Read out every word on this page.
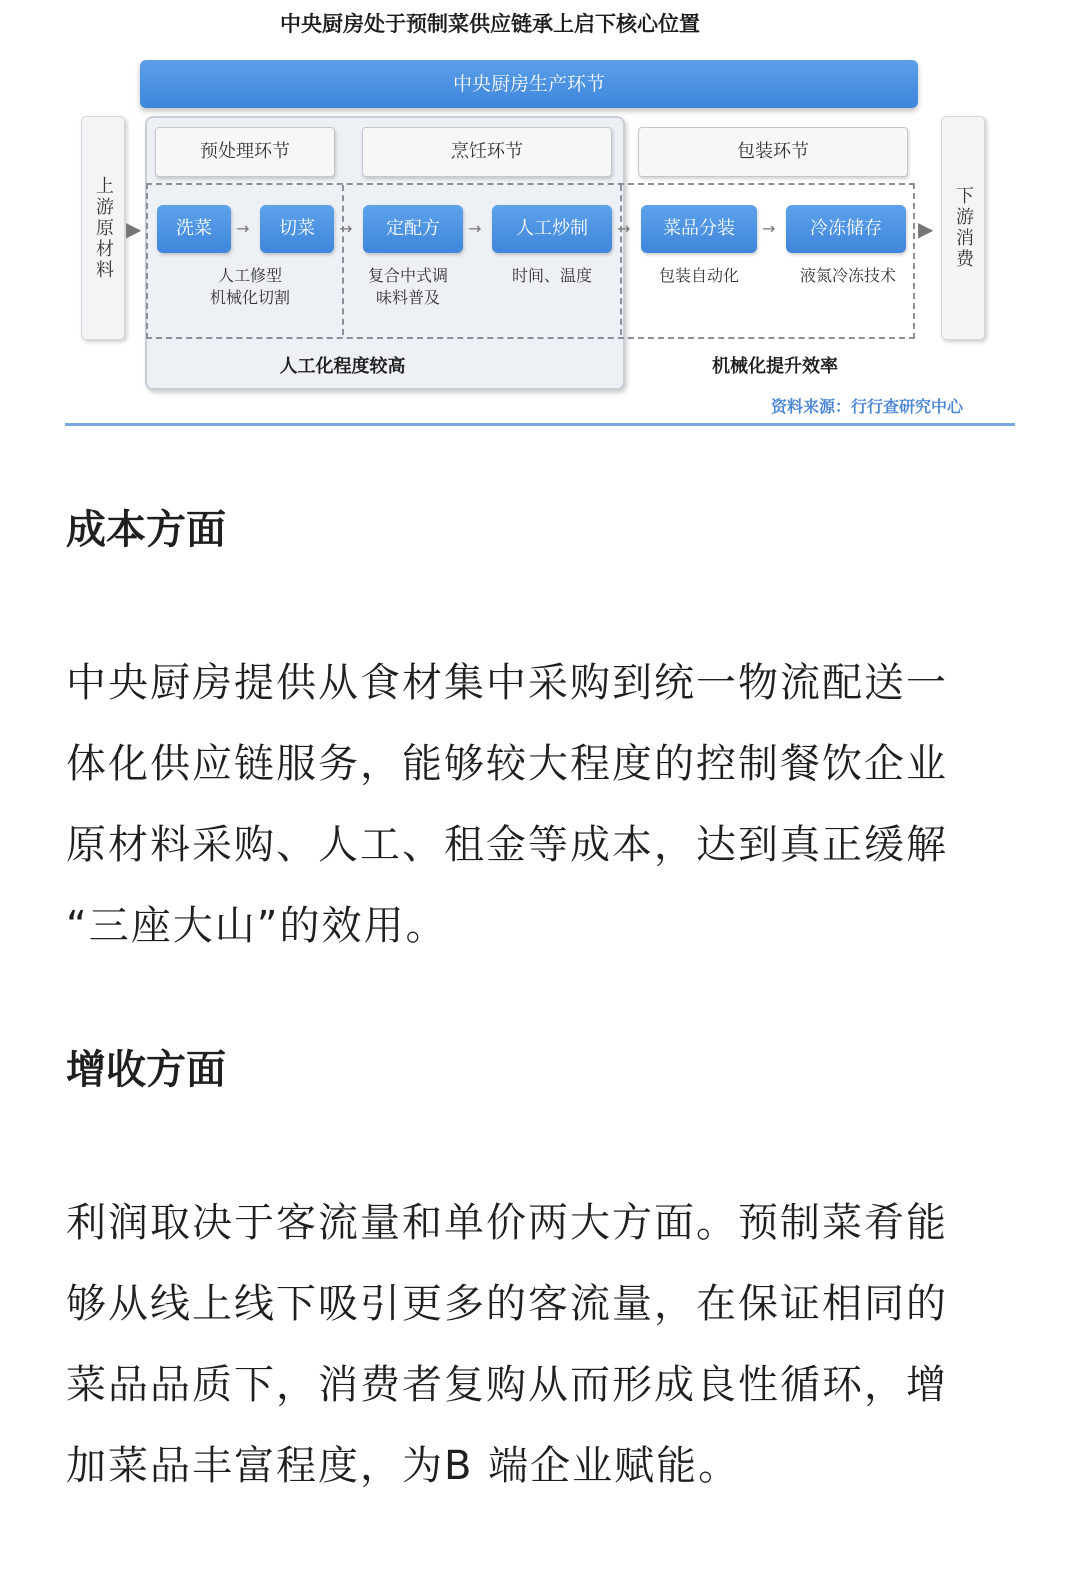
中央厨房处于预制菜供应链承上启下核心位置
中央厨房生产环节
上游原材料 ▶	下游消费
▶
预处理环节	烹饪环节	包装环节
洗菜	→	切菜	→	定配方	→	人工炒制	→	菜品分装	→	冷冻储存
人工修型
机械化切割
复合中式调
味料普及
时间、温度	包装自动化	液氮冷冻技术
人工化程度较高	机械化提升效率
资料来源：行行查研究中心
成本方面
中央厨房提供从食材集中采购到统一物流配送一
体化供应链服务，能够较大程度的控制餐饮企业
原材料采购、人工、租金等成本，达到真正缓解
“三座大山”的效用。
增收方面
利润取决于客流量和单价两大方面。预制菜肴能
够从线上线下吸引更多的客流量，在保证相同的
菜品品质下，消费者复购从而形成良性循环，增
加菜品丰富程度，为B 端企业赋能。
